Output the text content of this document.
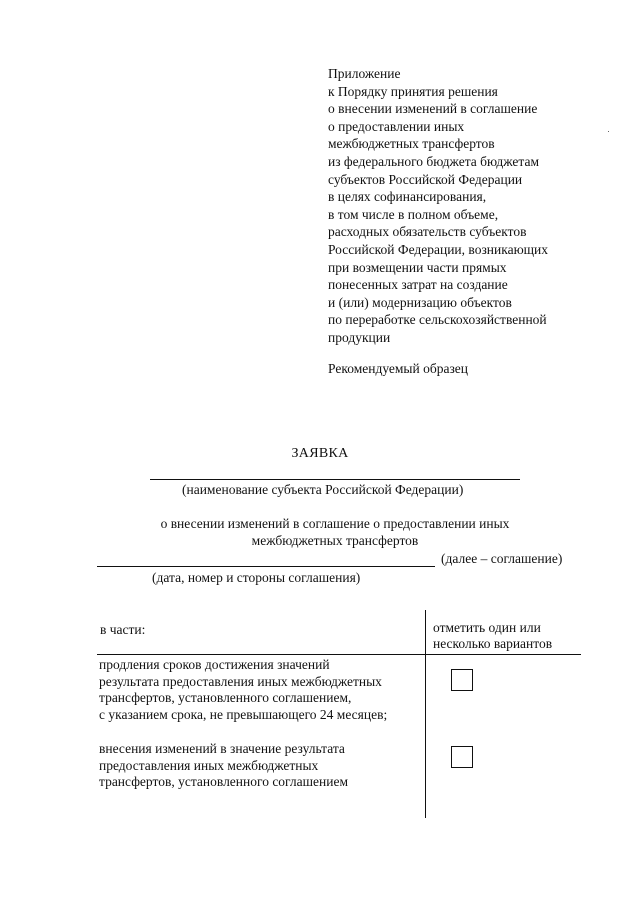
Приложение
к Порядку принятия решения
о внесении изменений в соглашение
о предоставлении иных
межбюджетных трансфертов
из федерального бюджета бюджетам
субъектов Российской Федерации
в целях софинансирования,
в том числе в полном объеме,
расходных обязательств субъектов
Российской Федерации, возникающих
при возмещении части прямых
понесенных затрат на создание
и (или) модернизацию объектов
по переработке сельскохозяйственной
продукции
Рекомендуемый образец
ЗАЯВКА
(наименование субъекта Российской Федерации)
о внесении изменений в соглашение о предоставлении иных
межбюджетных трансфертов
(далее – соглашение)
(дата, номер и стороны соглашения)
в части:	отметить один или
несколько вариантов
продления сроков достижения значений
результата предоставления иных межбюджетных
трансфертов, установленного соглашением,
с указанием срока, не превышающего 24 месяцев;
внесения изменений в значение результата
предоставления иных межбюджетных
трансфертов, установленного соглашением
